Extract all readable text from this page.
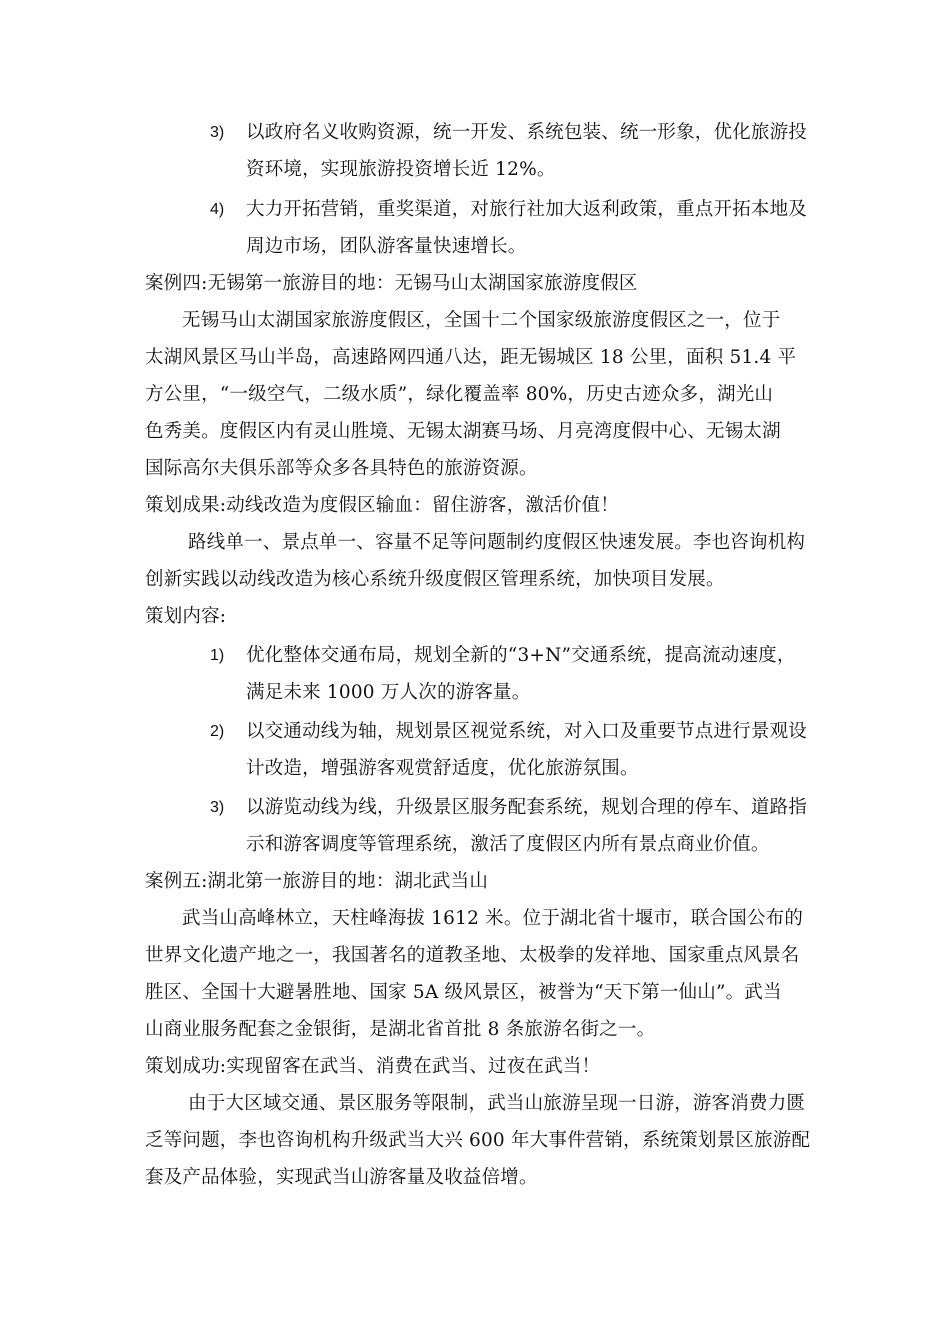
3) 以政府名义收购资源，统一开发、系统包装、统一形象，优化旅游投
资环境，实现旅游投资增长近 12%。
4) 大力开拓营销，重奖渠道，对旅行社加大返利政策，重点开拓本地及
周边市场，团队游客量快速增长。
案例四:无锡第一旅游目的地：无锡马山太湖国家旅游度假区
无锡马山太湖国家旅游度假区，全国十二个国家级旅游度假区之一，位于
太湖风景区马山半岛，高速路网四通八达，距无锡城区 18 公里，面积 51.4 平
方公里，“一级空气，二级水质”，绿化覆盖率 80%，历史古迹众多，湖光山
色秀美。度假区内有灵山胜境、无锡太湖赛马场、月亮湾度假中心、无锡太湖
国际高尔夫俱乐部等众多各具特色的旅游资源。
策划成果:动线改造为度假区输血：留住游客，激活价值！
路线单一、景点单一、容量不足等问题制约度假区快速发展。李也咨询机构
创新实践以动线改造为核心系统升级度假区管理系统，加快项目发展。
策划内容:
1) 优化整体交通布局，规划全新的“3+N”交通系统，提高流动速度，
满足未来 1000 万人次的游客量。
2) 以交通动线为轴，规划景区视觉系统，对入口及重要节点进行景观设
计改造，增强游客观赏舒适度，优化旅游氛围。
3) 以游览动线为线，升级景区服务配套系统，规划合理的停车、道路指
示和游客调度等管理系统，激活了度假区内所有景点商业价值。
案例五:湖北第一旅游目的地：湖北武当山
武当山高峰林立，天柱峰海拔 1612 米。位于湖北省十堰市，联合国公布的
世界文化遗产地之一，我国著名的道教圣地、太极拳的发祥地、国家重点风景名
胜区、全国十大避暑胜地、国家 5A 级风景区，被誉为“天下第一仙山”。武当
山商业服务配套之金银街，是湖北省首批 8 条旅游名街之一。
策划成功:实现留客在武当、消费在武当、过夜在武当！
由于大区域交通、景区服务等限制，武当山旅游呈现一日游，游客消费力匮
乏等问题，李也咨询机构升级武当大兴 600 年大事件营销，系统策划景区旅游配
套及产品体验，实现武当山游客量及收益倍增。
